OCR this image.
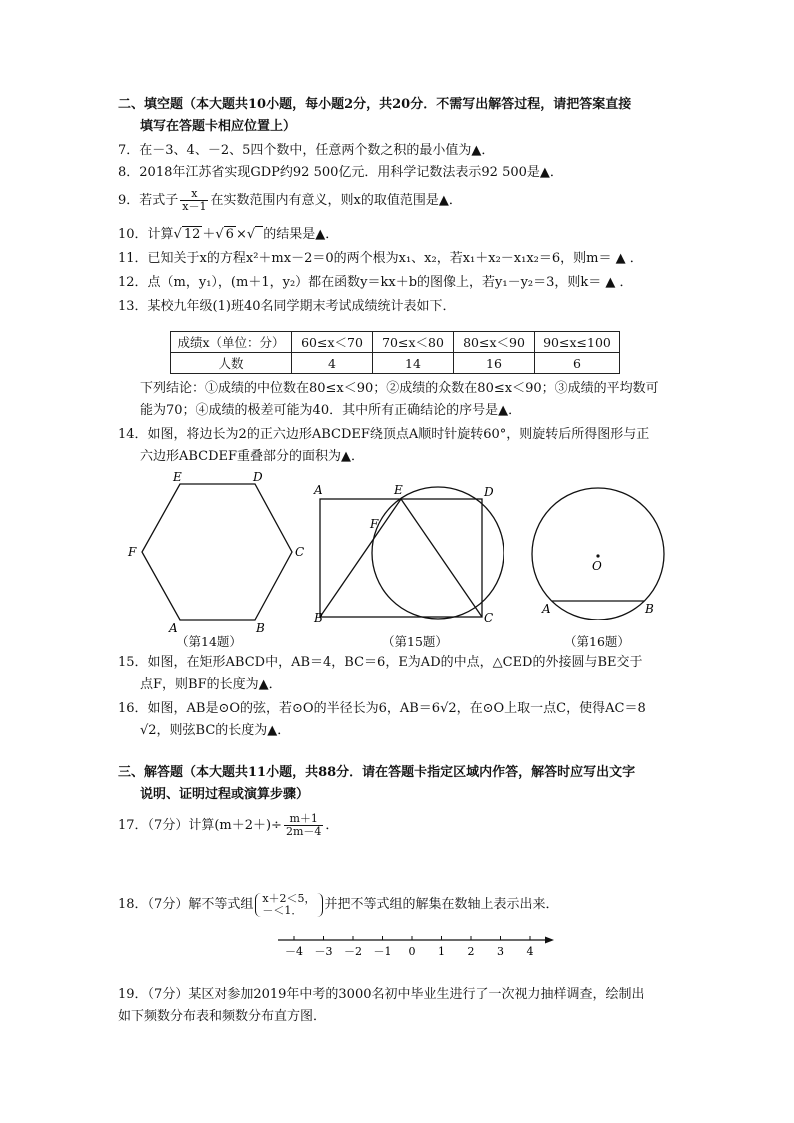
二、填空题（本大题共10小题，每小题2分，共20分．不需写出解答过程，请把答案直接
填写在答题卡相应位置上）
7．在－3、4、－2、5四个数中，任意两个数之积的最小值为▲．
8．2018年江苏省实现GDP约92 500亿元．用科学记数法表示92 500是▲．
9．若式子 $\frac{x}{x-1}$ 在实数范围内有意义，则x的取值范围是▲．
10．计算√ 12 ＋√ 6 ×√ 的结果是▲．
11．已知关于x的方程x²＋mx－2＝0的两个根为x₁、x₂，若x₁＋x₂－x₁x₂＝6，则m＝ ▲ ．
12．点（m，y₁），(m＋1，y₂）都在函数y＝kx＋b的图像上，若y₁－y₂＝3，则k＝ ▲ ．
13．某校九年级(1)班40名同学期末考试成绩统计表如下．
成绩x（单位：分）	60≤x＜70	70≤x＜80	80≤x＜90	90≤x≤100
人数	4	14	16	6
下列结论：①成绩的中位数在80≤x＜90；②成绩的众数在80≤x＜90；③成绩的平均数可
能为70；④成绩的极差可能为40．其中所有正确结论的序号是▲．
14．如图，将边长为2的正六边形ABCDEF绕顶点A顺时针旋转60°，则旋转后所得图形与正
六边形ABCDEF重叠部分的面积为▲．
E	D
F	C
A	B
（第14题）
A	E	D
F
B	C
（第15题）
O
A	B
（第16题）
15．如图，在矩形ABCD中，AB＝4，BC＝6，E为AD的中点，△CED的外接圆与BE交于
点F，则BF的长度为▲．
16．如图，AB是⊙O的弦，若⊙O的半径长为6，AB＝6√2，在⊙O上取一点C，使得AC＝8
√2，则弦BC的长度为▲．
三、解答题（本大题共11小题，共88分．请在答题卡指定区域内作答，解答时应写出文字
说明、证明过程或演算步骤）
17．（7分）计算$(m+2+)\div \frac{m+1}{2m-4}$ ．
18．（7分）解不等式组 x＋2＜5，
－＜1．	并把不等式组的解集在数轴上表示出来．
－4 －3 －2 －1 0 1 2 3 4
19．（7分）某区对参加2019年中考的3000名初中毕业生进行了一次视力抽样调查，绘制出
如下频数分布表和频数分布直方图．
